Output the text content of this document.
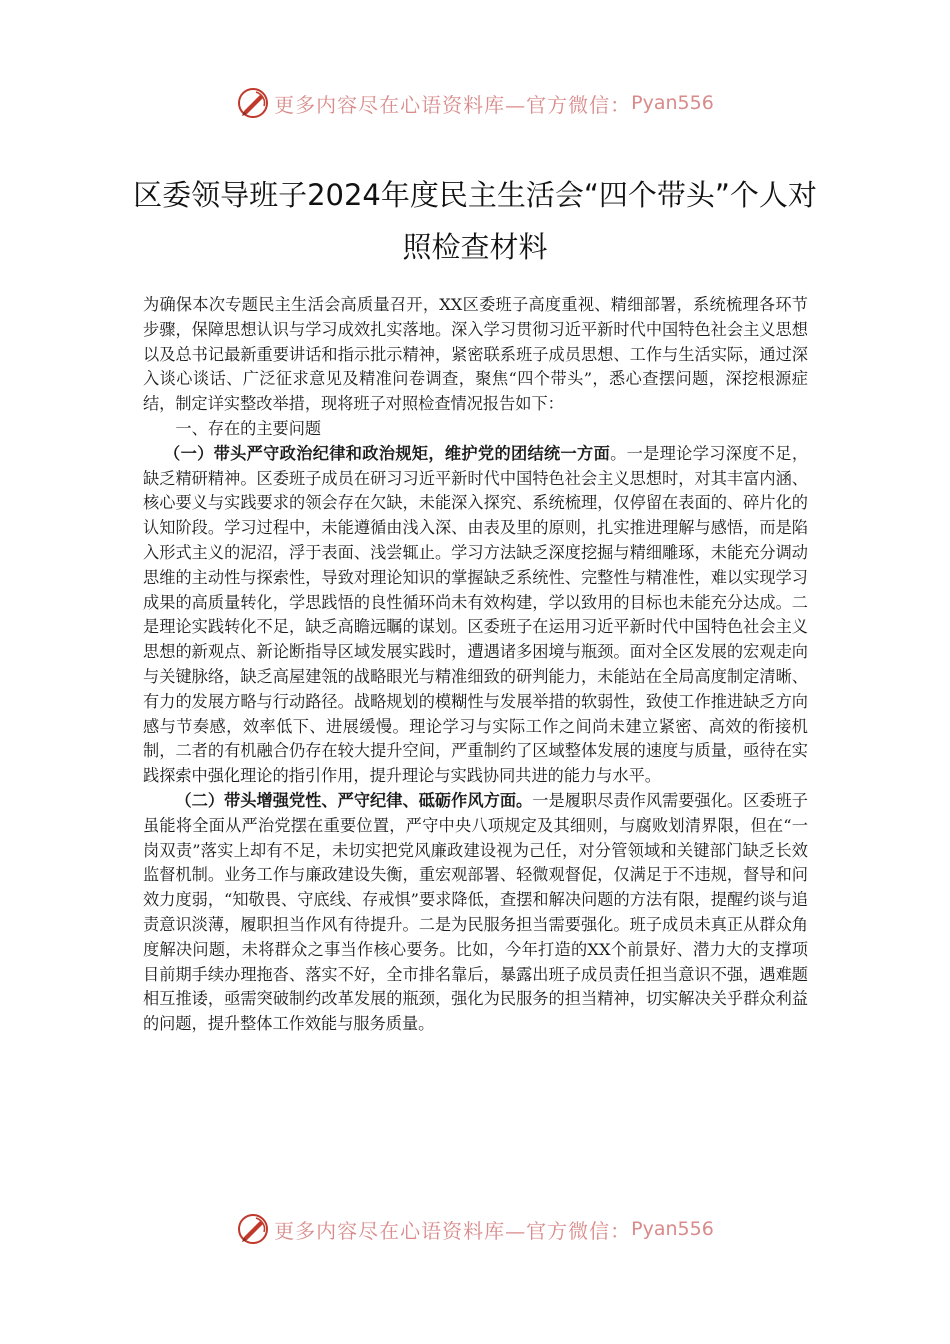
更多内容尽在心语资料库—官方微信： Pyan556
区委领导班子2024年度民主生活会“四个带头”个人对照检查材料

为确保本次专题民主生活会高质量召开，XX区委班子高度重视、精细部署，系统梳理各环节步骤，保障思想认识与学习成效扎实落地。深入学习贯彻习近平新时代中国特色社会主义思想以及总书记最新重要讲话和指示批示精神，紧密联系班子成员思想、工作与生活实际，通过深入谈心谈话、广泛征求意见及精准问卷调查，聚焦“四个带头”，悉心查摆问题，深挖根源症结，制定详实整改举措，现将班子对照检查情况报告如下：

一、存在的主要问题

（一）带头严守政治纪律和政治规矩，维护党的团结统一方面。一是理论学习深度不足，缺乏精研精神。区委班子成员在研习习近平新时代中国特色社会主义思想时，对其丰富内涵、核心要义与实践要求的领会存在欠缺，未能深入探究、系统梳理，仅停留在表面的、碎片化的认知阶段。学习过程中，未能遵循由浅入深、由表及里的原则，扎实推进理解与感悟，而是陷入形式主义的泥沼，浮于表面、浅尝辄止。学习方法缺乏深度挖掘与精细雕琢，未能充分调动思维的主动性与探索性，导致对理论知识的掌握缺乏系统性、完整性与精准性，难以实现学习成果的高质量转化，学思践悟的良性循环尚未有效构建，学以致用的目标也未能充分达成。二是理论实践转化不足，缺乏高瞻远瞩的谋划。区委班子在运用习近平新时代中国特色社会主义思想的新观点、新论断指导区域发展实践时，遭遇诸多困境与瓶颈。面对全区发展的宏观走向与关键脉络，缺乏高屋建瓴的战略眼光与精准细致的研判能力，未能站在全局高度制定清晰、有力的发展方略与行动路径。战略规划的模糊性与发展举措的软弱性，致使工作推进缺乏方向感与节奏感，效率低下、进展缓慢。理论学习与实际工作之间尚未建立紧密、高效的衔接机制，二者的有机融合仍存在较大提升空间，严重制约了区域整体发展的速度与质量，亟待在实践探索中强化理论的指引作用，提升理论与实践协同共进的能力与水平。

（二）带头增强党性、严守纪律、砥砺作风方面。一是履职尽责作风需要强化。区委班子虽能将全面从严治党摆在重要位置，严守中央八项规定及其细则，与腐败划清界限，但在“一岗双责”落实上却有不足，未切实把党风廉政建设视为己任，对分管领域和关键部门缺乏长效监督机制。业务工作与廉政建设失衡，重宏观部署、轻微观督促，仅满足于不违规，督导和问效力度弱，“知敬畏、守底线、存戒惧”要求降低，查摆和解决问题的方法有限，提醒约谈与追责意识淡薄，履职担当作风有待提升。二是为民服务担当需要强化。班子成员未真正从群众角度解决问题，未将群众之事当作核心要务。比如，今年打造的XX个前景好、潜力大的支撑项目前期手续办理拖沓、落实不好，全市排名靠后，暴露出班子成员责任担当意识不强，遇难题相互推诿，亟需突破制约改革发展的瓶颈，强化为民服务的担当精神，切实解决关乎群众利益的问题，提升整体工作效能与服务质量。

更多内容尽在心语资料库—官方微信： Pyan556
